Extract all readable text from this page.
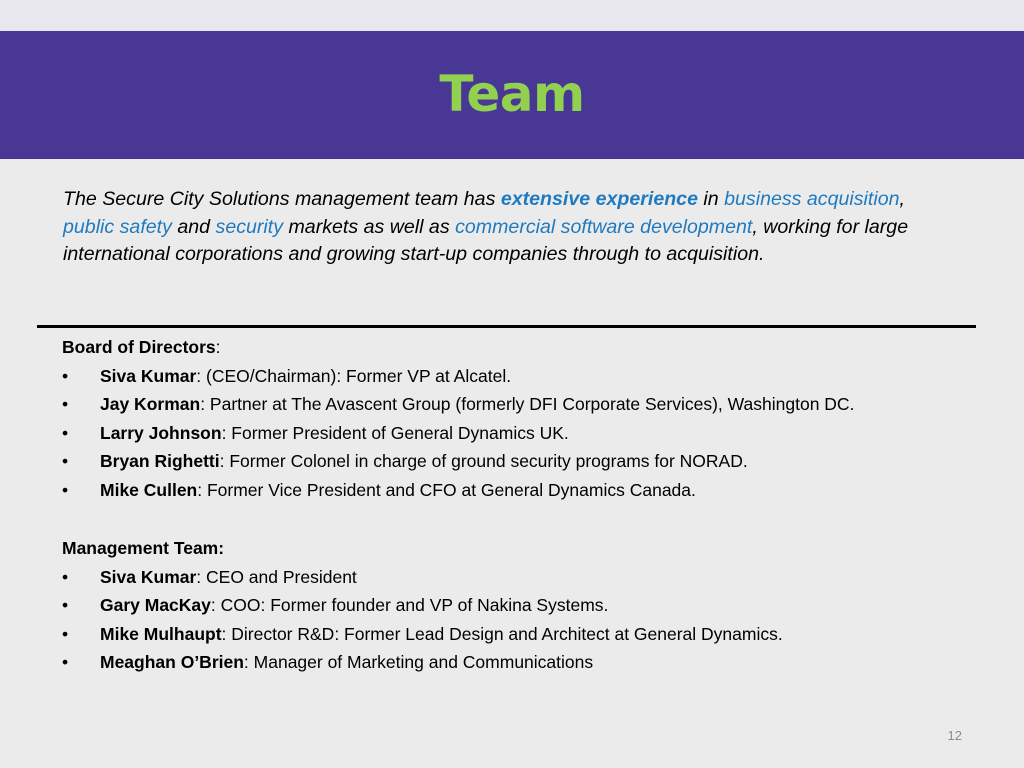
Team

The Secure City Solutions management team has extensive experience in business acquisition, public safety and security markets as well as commercial software development, working for large international corporations and growing start-up companies through to acquisition.

Board of Directors:
• Siva Kumar: (CEO/Chairman): Former VP at Alcatel.
• Jay Korman: Partner at The Avascent Group (formerly DFI Corporate Services), Washington DC.
• Larry Johnson: Former President of General Dynamics UK.
• Bryan Righetti: Former Colonel in charge of ground security programs for NORAD.
• Mike Cullen: Former Vice President and CFO at General Dynamics Canada.
Management Team:
• Siva Kumar: CEO and President
• Gary MacKay: COO: Former founder and VP of Nakina Systems.
• Mike Mulhaupt: Director R&D: Former Lead Design and Architect at General Dynamics.
• Meaghan O’Brien: Manager of Marketing and Communications
12
